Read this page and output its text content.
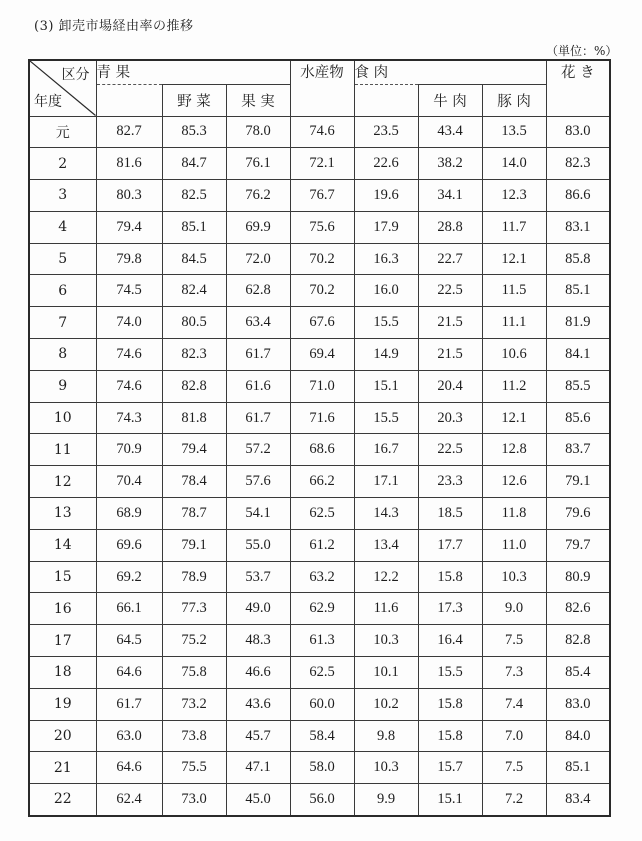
(3) 卸売市場経由率の推移
（単位：%）
区分
年度	青 果			水産物	食 肉			花 き
		野 菜	果 実			牛 肉	豚 肉	
元	82.7	85.3	78.0	74.6	23.5	43.4	13.5	83.0
2	81.6	84.7	76.1	72.1	22.6	38.2	14.0	82.3
3	80.3	82.5	76.2	76.7	19.6	34.1	12.3	86.6
4	79.4	85.1	69.9	75.6	17.9	28.8	11.7	83.1
5	79.8	84.5	72.0	70.2	16.3	22.7	12.1	85.8
6	74.5	82.4	62.8	70.2	16.0	22.5	11.5	85.1
7	74.0	80.5	63.4	67.6	15.5	21.5	11.1	81.9
8	74.6	82.3	61.7	69.4	14.9	21.5	10.6	84.1
9	74.6	82.8	61.6	71.0	15.1	20.4	11.2	85.5
10	74.3	81.8	61.7	71.6	15.5	20.3	12.1	85.6
11	70.9	79.4	57.2	68.6	16.7	22.5	12.8	83.7
12	70.4	78.4	57.6	66.2	17.1	23.3	12.6	79.1
13	68.9	78.7	54.1	62.5	14.3	18.5	11.8	79.6
14	69.6	79.1	55.0	61.2	13.4	17.7	11.0	79.7
15	69.2	78.9	53.7	63.2	12.2	15.8	10.3	80.9
16	66.1	77.3	49.0	62.9	11.6	17.3	9.0	82.6
17	64.5	75.2	48.3	61.3	10.3	16.4	7.5	82.8
18	64.6	75.8	46.6	62.5	10.1	15.5	7.3	85.4
19	61.7	73.2	43.6	60.0	10.2	15.8	7.4	83.0
20	63.0	73.8	45.7	58.4	9.8	15.8	7.0	84.0
21	64.6	75.5	47.1	58.0	10.3	15.7	7.5	85.1
22	62.4	73.0	45.0	56.0	9.9	15.1	7.2	83.4
